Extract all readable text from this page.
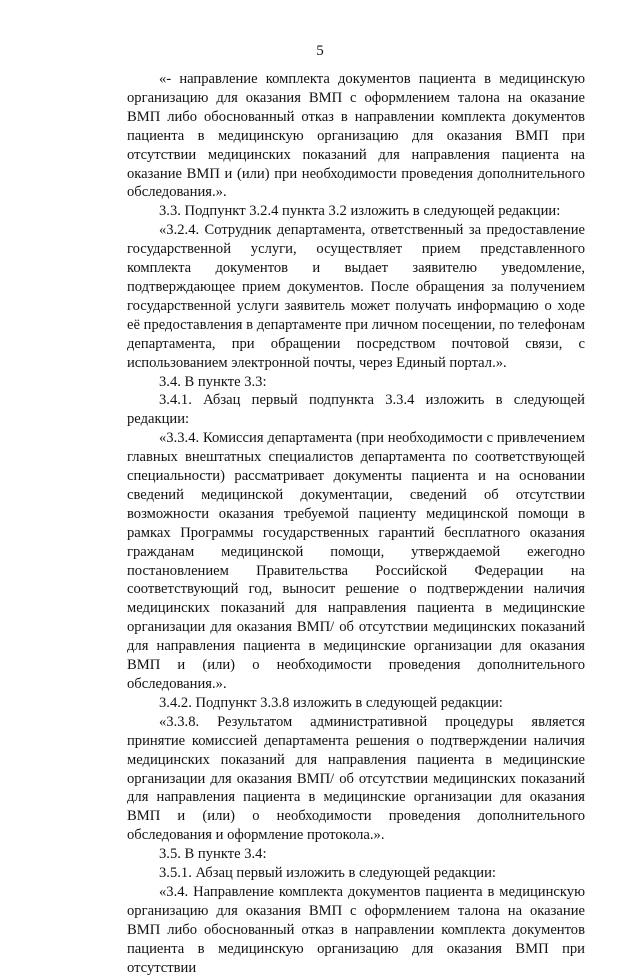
5

«- направление комплекта документов пациента в медицинскую организацию для оказания ВМП с оформлением талона на оказание ВМП либо обоснованный отказ в направлении комплекта документов пациента в медицинскую организацию для оказания ВМП при отсутствии медицинских показаний для направления пациента на оказание ВМП и (или) при необходимости проведения дополнительного обследования.».

3.3. Подпункт 3.2.4 пункта 3.2 изложить в следующей редакции:

«3.2.4. Сотрудник департамента, ответственный за предоставление государственной услуги, осуществляет прием представленного комплекта документов и выдает заявителю уведомление, подтверждающее прием документов. После обращения за получением государственной услуги заявитель может получать информацию о ходе её предоставления в департаменте при личном посещении, по телефонам департамента, при обращении посредством почтовой связи, с использованием электронной почты, через Единый портал.».

3.4. В пункте 3.3:

3.4.1. Абзац первый подпункта 3.3.4 изложить в следующей редакции:

«3.3.4. Комиссия департамента (при необходимости с привлечением главных внештатных специалистов департамента по соответствующей специальности) рассматривает документы пациента и на основании сведений медицинской документации, сведений об отсутствии возможности оказания требуемой пациенту медицинской помощи в рамках Программы государственных гарантий бесплатного оказания гражданам медицинской помощи, утверждаемой ежегодно постановлением Правительства Российской Федерации на соответствующий год, выносит решение о подтверждении наличия медицинских показаний для направления пациента в медицинские организации для оказания ВМП/ об отсутствии медицинских показаний для направления пациента в медицинские организации для оказания ВМП и (или) о необходимости проведения дополнительного обследования.».

3.4.2. Подпункт 3.3.8 изложить в следующей редакции:

«3.3.8. Результатом административной процедуры является принятие комиссией департамента решения о подтверждении наличия медицинских показаний для направления пациента в медицинские организации для оказания ВМП/ об отсутствии медицинских показаний для направления пациента в медицинские организации для оказания ВМП и (или) о необходимости проведения дополнительного обследования и оформление протокола.».

3.5. В пункте 3.4:

3.5.1. Абзац первый изложить в следующей редакции:

«3.4. Направление комплекта документов пациента в медицинскую организацию для оказания ВМП с оформлением талона на оказание ВМП либо обоснованный отказ в направлении комплекта документов пациента в медицинскую организацию для оказания ВМП при отсутствии
